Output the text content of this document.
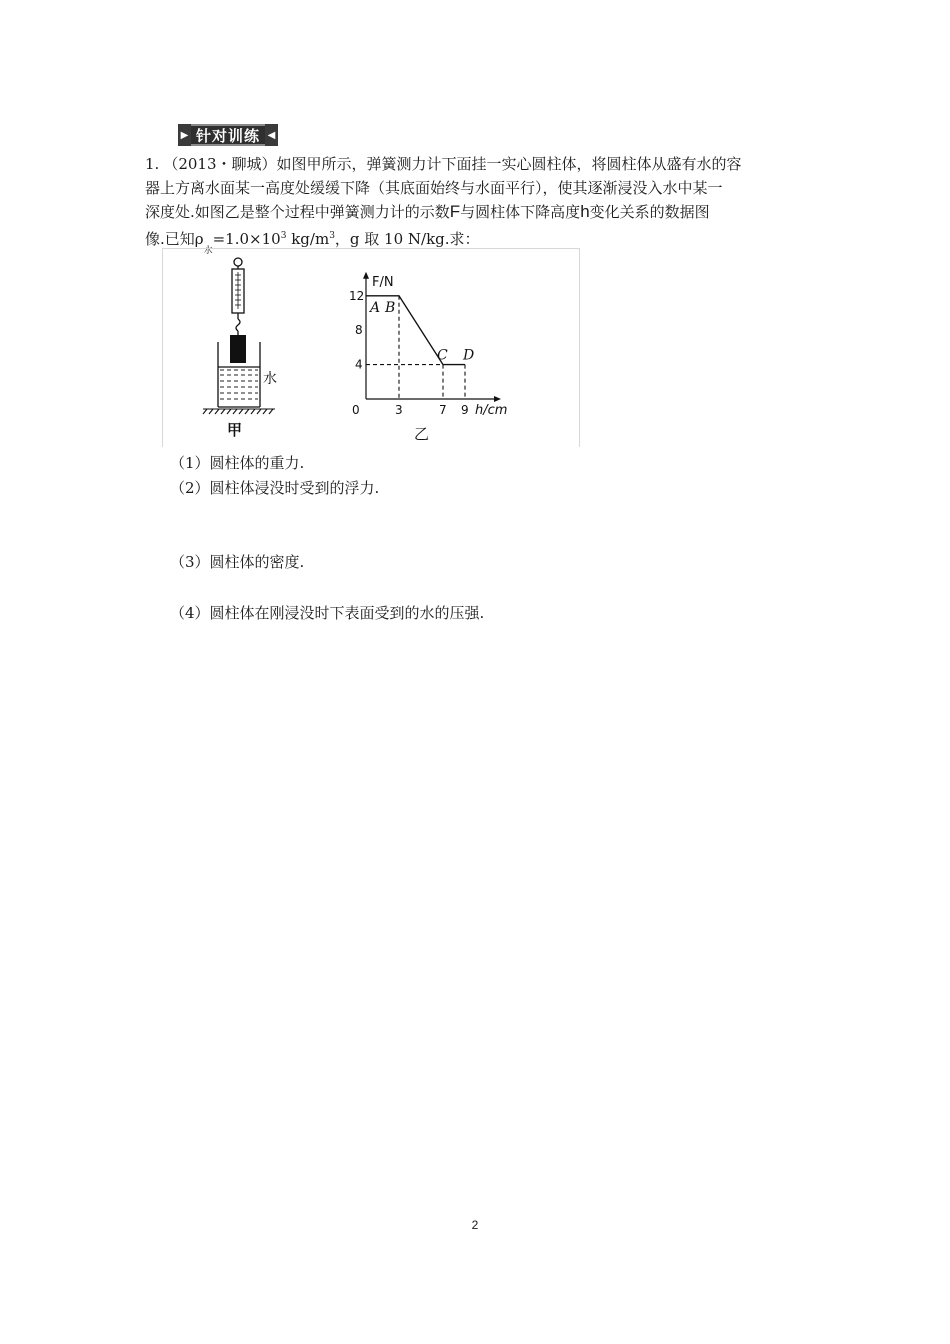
▶ 针对训练 ◀
1. （2013・聊城）如图甲所示，弹簧测力计下面挂一实心圆柱体，将圆柱体从盛有水的容
器上方离水面某一高度处缓缓下降（其底面始终与水面平行），使其逐渐浸没入水中某一
深度处.如图乙是整个过程中弹簧测力计的示数F与圆柱体下降高度h变化关系的数据图
像.已知$\rho_水=1.0\times 10^3$ $kg/m^3$，g 取 10 N/kg.求：
水
甲
F/N
h/cm
0	3	7 9
4
8
12
A B
C D
乙
（1）圆柱体的重力.
（2）圆柱体浸没时受到的浮力.
（3）圆柱体的密度.
（4）圆柱体在刚浸没时下表面受到的水的压强.
2
